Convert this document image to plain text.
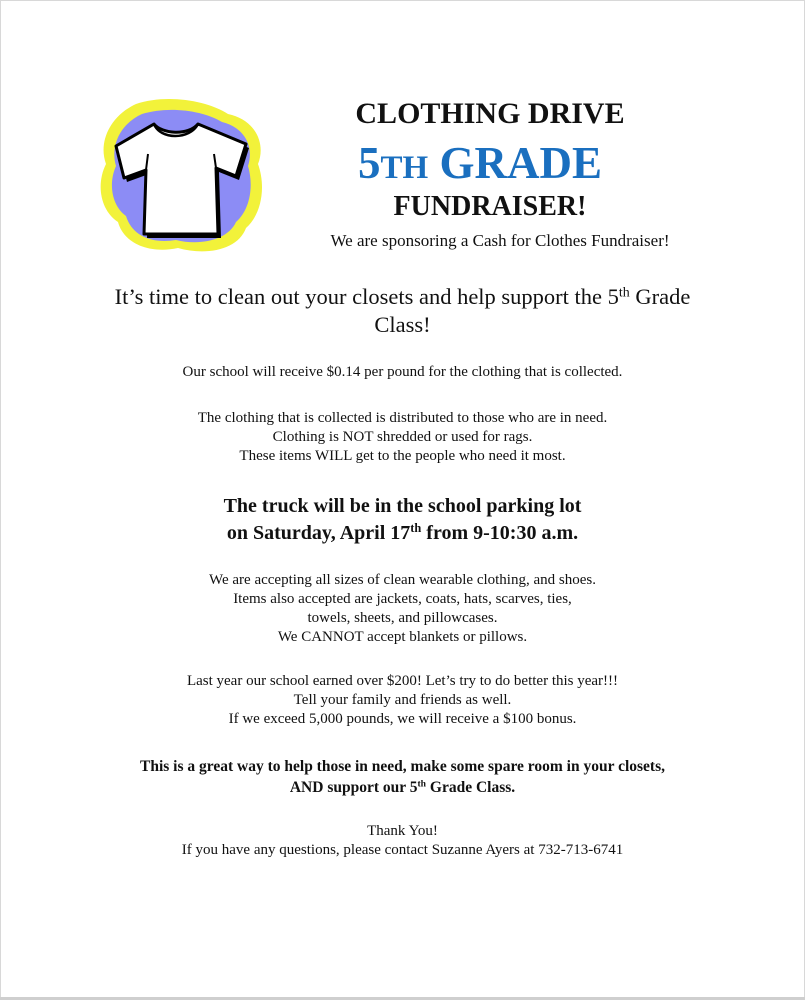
CLOTHING DRIVE
5TH GRADE
FUNDRAISER!
We are sponsoring a Cash for Clothes Fundraiser!
It’s time to clean out your closets and help support the 5th Grade
Class!
Our school will receive $0.14 per pound for the clothing that is collected.
The clothing that is collected is distributed to those who are in need.
Clothing is NOT shredded or used for rags.
These items WILL get to the people who need it most.
The truck will be in the school parking lot
on Saturday, April 17th from 9-10:30 a.m.
We are accepting all sizes of clean wearable clothing, and shoes.
Items also accepted are jackets, coats, hats, scarves, ties,
towels, sheets, and pillowcases.
We CANNOT accept blankets or pillows.
Last year our school earned over $200! Let’s try to do better this year!!!
Tell your family and friends as well.
If we exceed 5,000 pounds, we will receive a $100 bonus.
This is a great way to help those in need, make some spare room in your closets,
AND support our 5th Grade Class.
Thank You!
If you have any questions, please contact Suzanne Ayers at 732-713-6741
